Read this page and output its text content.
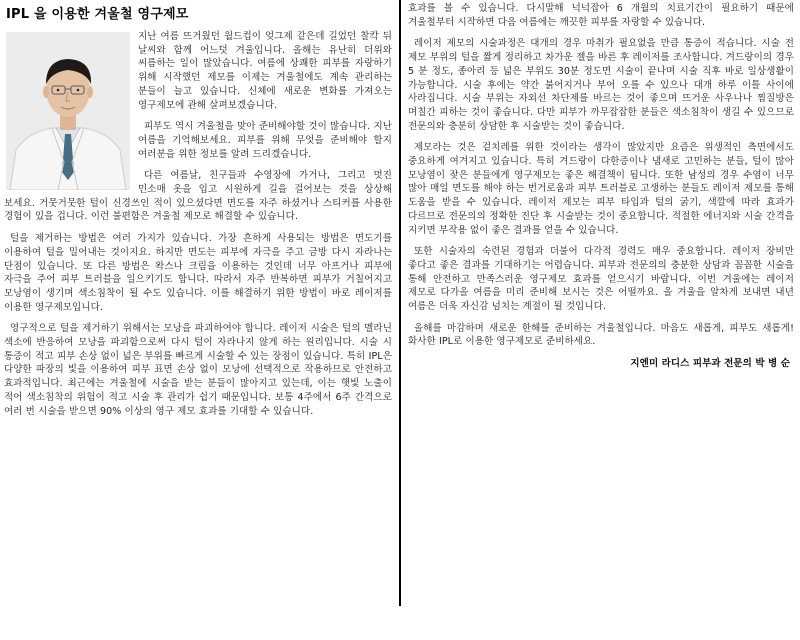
IPL 을 이용한 겨울철 영구제모

지난 여름 뜨거웠던 월드컵이 엊그제 같은데 길었던 찰칵 뒤 날씨와 함께 어느덧 겨울입니다. 올해는 유난히 더위와 씨름하는 일이 많았습니다. 여름에 상쾌한 피부를 자랑하기 위해 시작했던 제모를 이제는 겨울철에도 계속 관리하는 분들이 늘고 있습니다. 신체에 새로운 변화를 가져오는 영구제모에 관해 살펴보겠습니다.

피부도 역시 겨울철을 맞아 준비해야할 것이 많습니다. 지난 여름을 기억해보세요. 피부를 위해 무엇을 준비해야 할지 여러분을 위한 정보를 알려 드리겠습니다.

다른 여름날, 친구들과 수영장에 가거나, 그리고 멋진 민소매 옷을 입고 시원하게 길을 걸어보는 것을 상상해 보세요. 거뭇거뭇한 털이 신경쓰인 적이 있으셨다면 면도를 자주 하셨거나 스티커를 사용한 경험이 있을 겁니다. 이런 불편함은 겨울철 제모로 해결할 수 있습니다.

털을 제거하는 방법은 여러 가지가 있습니다. 가장 흔하게 사용되는 방법은 면도기를 이용하여 털을 밀어내는 것이지요. 하지만 면도는 피부에 자극을 주고 금방 다시 자라나는 단점이 있습니다. 또 다른 방법은 왁스나 크림을 이용하는 것인데 너무 아프거나 피부에 자극을 주어 피부 트러블을 일으키기도 합니다. 따라서 자주 반복하면 피부가 거칠어지고 모낭염이 생기며 색소침착이 될 수도 있습니다. 이를 해결하기 위한 방법이 바로 레이저를 이용한 영구제모입니다.

영구적으로 털을 제거하기 위해서는 모낭을 파괴하여야 합니다. 레이저 시술은 털의 멜라닌 색소에 반응하여 모낭을 파괴함으로써 다시 털이 자라나지 않게 하는 원리입니다. 시술 시 통증이 적고 피부 손상 없이 넓은 부위를 빠르게 시술할 수 있는 장점이 있습니다. 특히 IPL은 다양한 파장의 빛을 이용하여 피부 표면 손상 없이 모낭에 선택적으로 작용하므로 안전하고 효과적입니다. 최근에는 겨울철에 시술을 받는 분들이 많아지고 있는데, 이는 햇빛 노출이 적어 색소침착의 위험이 적고 시술 후 관리가 쉽기 때문입니다. 보통 4주에서 6주 간격으로 여러 번 시술을 받으면 90% 이상의 영구 제모 효과를 기대할 수 있습니다.

효과를 볼 수 있습니다. 다시말해 넉넉잡아 6 개월의 치료기간이 필요하기 때문에 겨울철부터 시작하면 다음 여름에는 깨끗한 피부를 자랑할 수 있습니다.

레이저 제모의 시술과정은 대개의 경우 마취가 필요없을 만큼 통증이 적습니다. 시술 전 제모 부위의 털을 짧게 정리하고 차가운 젤을 바른 후 레이저를 조사합니다. 겨드랑이의 경우 5 분 정도, 종아리 등 넓은 부위도 30분 정도면 시술이 끝나며 시술 직후 바로 일상생활이 가능합니다. 시술 후에는 약간 붉어지거나 부어 오를 수 있으나 대개 하루 이틀 사이에 사라집니다. 시술 부위는 자외선 차단제를 바르는 것이 좋으며 뜨거운 사우나나 찜질방은 며칠간 피하는 것이 좋습니다. 다만 피부가 까무잡잡한 분들은 색소침착이 생길 수 있으므로 전문의와 충분히 상담한 후 시술받는 것이 좋습니다.

제모라는 것은 겉치레를 위한 것이라는 생각이 많았지만 요즘은 위생적인 측면에서도 중요하게 여겨지고 있습니다. 특히 겨드랑이 다한증이나 냄새로 고민하는 분들, 털이 많아 모낭염이 잦은 분들에게 영구제모는 좋은 해결책이 됩니다. 또한 남성의 경우 수염이 너무 많아 매일 면도를 해야 하는 번거로움과 피부 트러블로 고생하는 분들도 레이저 제모를 통해 도움을 받을 수 있습니다. 레이저 제모는 피부 타입과 털의 굵기, 색깔에 따라 효과가 다르므로 전문의의 정확한 진단 후 시술받는 것이 중요합니다. 적절한 에너지와 시술 간격을 지키면 부작용 없이 좋은 결과를 얻을 수 있습니다.

또한 시술자의 숙련된 경험과 더불어 다각적 경력도 매우 중요합니다. 레이저 장비만 좋다고 좋은 결과를 기대하기는 어렵습니다. 피부과 전문의의 충분한 상담과 꼼꼼한 시술을 통해 안전하고 만족스러운 영구제모 효과를 얻으시기 바랍니다. 이번 겨울에는 레이저 제모로 다가올 여름을 미리 준비해 보시는 것은 어떨까요. 올 겨울을 알차게 보내면 내년 여름은 더욱 자신감 넘치는 계절이 될 것입니다.

올해를 마감하며 새로운 한해를 준비하는 겨울철입니다. 마음도 새롭게, 피부도 새롭게! 화사한 IPL로 이용한 영구제모로 준비하세요.

지엔미 라디스 피부과 전문의 박 병 순
